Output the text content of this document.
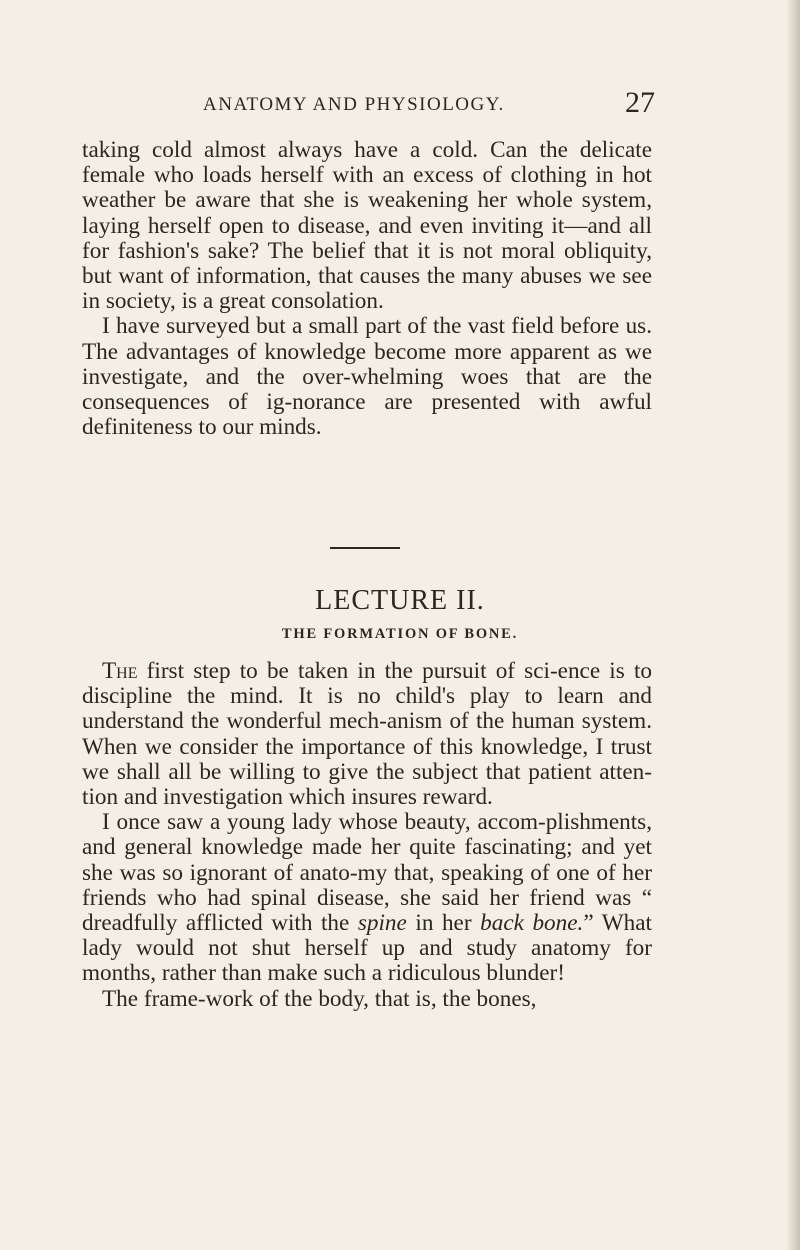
ANATOMY AND PHYSIOLOGY.	27

taking cold almost always have a cold. Can the delicate female who loads herself with an excess of clothing in hot weather be aware that she is weakening her whole system, laying herself open to disease, and even inviting it—and all for fashion's sake? The belief that it is not moral obliquity, but want of information, that causes the many abuses we see in society, is a great consolation.

I have surveyed but a small part of the vast field before us. The advantages of knowledge become more apparent as we investigate, and the over-whelming woes that are the consequences of ig-norance are presented with awful definiteness to our minds.

LECTURE II.
THE FORMATION OF BONE.

The first step to be taken in the pursuit of sci-ence is to discipline the mind. It is no child's play to learn and understand the wonderful mech-anism of the human system. When we consider the importance of this knowledge, I trust we shall all be willing to give the subject that patient atten-tion and investigation which insures reward.

I once saw a young lady whose beauty, accom-plishments, and general knowledge made her quite fascinating; and yet she was so ignorant of anato-my that, speaking of one of her friends who had spinal disease, she said her friend was “ dreadfully afflicted with the spine in her back bone.” What lady would not shut herself up and study anatomy for months, rather than make such a ridiculous blunder!

The frame-work of the body, that is, the bones,
